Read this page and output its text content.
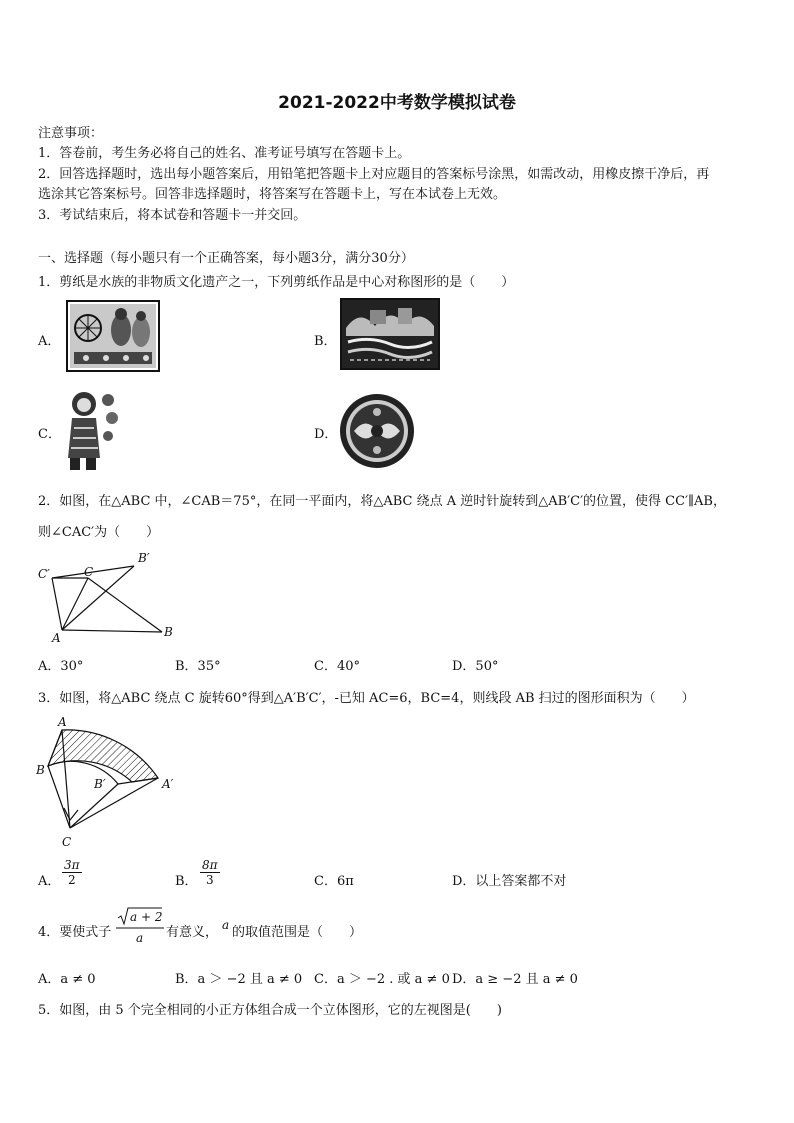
2021-2022中考数学模拟试卷
注意事项：
1．答卷前，考生务必将自己的姓名、准考证号填写在答题卡上。
2．回答选择题时，选出每小题答案后，用铅笔把答题卡上对应题目的答案标号涂黑，如需改动，用橡皮擦干净后，再
选涂其它答案标号。回答非选择题时，将答案写在答题卡上，写在本试卷上无效。
3．考试结束后，将本试卷和答题卡一并交回。
一、选择题（每小题只有一个正确答案，每小题3分，满分30分）
1．剪纸是水族的非物质文化遗产之一，下列剪纸作品是中心对称图形的是（　　）
A．	B．
C．	D．
2．如图，在△ABC 中，∠CAB＝75°，在同一平面内，将△ABC 绕点 A 逆时针旋转到△AB′C′的位置，使得 CC′∥AB，
则∠CAC′为（　　）
C′	C
B′
A	B
A．30°	B．35°	C．40°	D．50°
3．如图，将△ABC 绕点 C 旋转60°得到△A′B′C′，-已知 AC=6，BC=4，则线段 AB 扫过的图形面积为（　　）
A
B
B′	A′
C
A． $\frac{3\pi}{2}$	B． $\frac{8\pi}{3}$	C．6π	D．以上答案都不对
4．要使式子
a + 2
a 有意义， a 的取值范围是（　　）
A．a ≠ 0	B．a ＞ −2 且 a ≠ 0 C．a ＞ −2 . 或 a ≠ 0 D．a ≥ −2 且 a ≠ 0
5．如图，由 5 个完全相同的小正方体组合成一个立体图形，它的左视图是(　　)
